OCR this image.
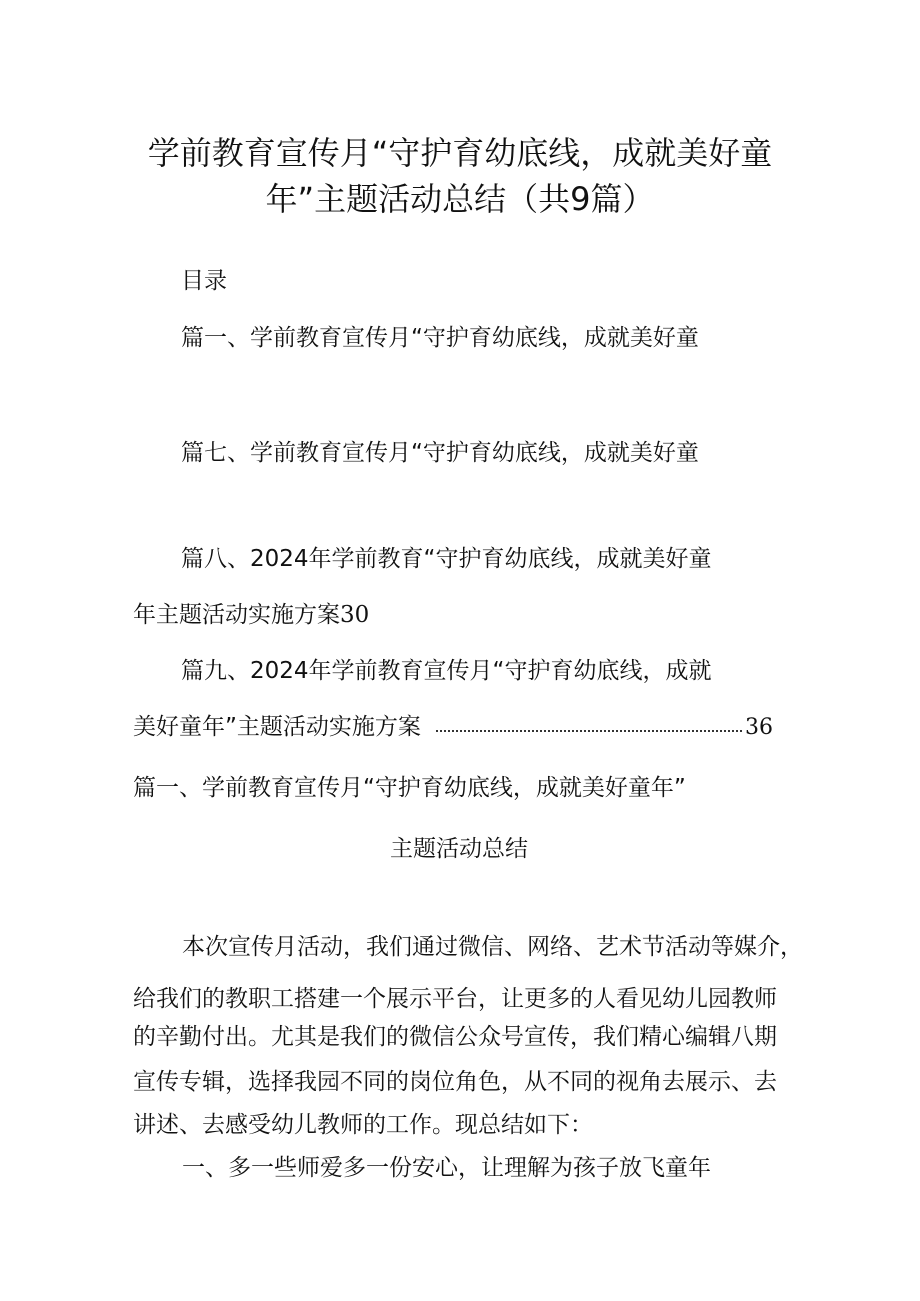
学前教育宣传月“守护育幼底线，成就美好童
年”主题活动总结（共9篇）
目录
篇一、学前教育宣传月“守护育幼底线，成就美好童
篇七、学前教育宣传月“守护育幼底线，成就美好童
篇八、2024年学前教育“守护育幼底线，成就美好童
年主题活动实施方案30
篇九、2024年学前教育宣传月“守护育幼底线，成就
美好童年”主题活动实施方案	36
篇一、学前教育宣传月“守护育幼底线，成就美好童年”
主题活动总结
本次宣传月活动，我们通过微信、网络、艺术节活动等媒介，
给我们的教职工搭建一个展示平台，让更多的人看见幼儿园教师
的辛勤付出。尤其是我们的微信公众号宣传，我们精心编辑八期
宣传专辑，选择我园不同的岗位角色，从不同的视角去展示、去
讲述、去感受幼儿教师的工作。现总结如下：
一、多一些师爱多一份安心，让理解为孩子放飞童年
